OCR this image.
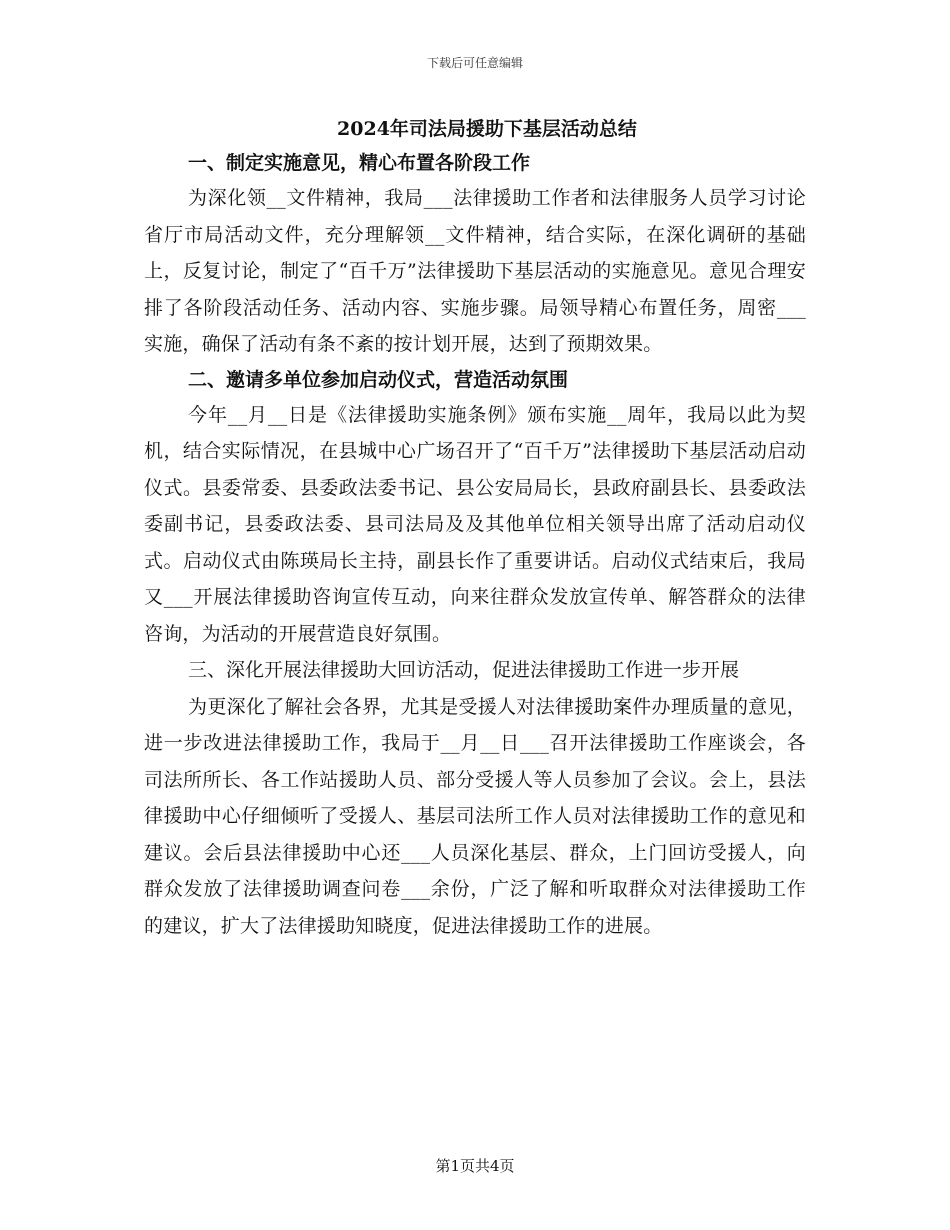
下载后可任意编辑
2024年司法局援助下基层活动总结
一、制定实施意见，精心布置各阶段工作

为深化领__文件精神，我局___法律援助工作者和法律服务人员学习讨论省厅市局活动文件，充分理解领__文件精神，结合实际，在深化调研的基础上，反复讨论，制定了“百千万”法律援助下基层活动的实施意见。意见合理安排了各阶段活动任务、活动内容、实施步骤。局领导精心布置任务，周密___实施，确保了活动有条不紊的按计划开展，达到了预期效果。

二、邀请多单位参加启动仪式，营造活动氛围

今年__月__日是《法律援助实施条例》颁布实施__周年，我局以此为契机，结合实际情况，在县城中心广场召开了“百千万”法律援助下基层活动启动仪式。县委常委、县委政法委书记、县公安局局长，县政府副县长、县委政法委副书记，县委政法委、县司法局及及其他单位相关领导出席了活动启动仪式。启动仪式由陈瑛局长主持，副县长作了重要讲话。启动仪式结束后，我局又___开展法律援助咨询宣传互动，向来往群众发放宣传单、解答群众的法律咨询，为活动的开展营造良好氛围。

三、深化开展法律援助大回访活动，促进法律援助工作进一步开展

为更深化了解社会各界，尤其是受援人对法律援助案件办理质量的意见，进一步改进法律援助工作，我局于__月__日___召开法律援助工作座谈会，各司法所所长、各工作站援助人员、部分受援人等人员参加了会议。会上，县法律援助中心仔细倾听了受援人、基层司法所工作人员对法律援助工作的意见和建议。会后县法律援助中心还___人员深化基层、群众，上门回访受援人，向群众发放了法律援助调查问卷___余份，广泛了解和听取群众对法律援助工作的建议，扩大了法律援助知晓度，促进法律援助工作的进展。

第1页共4页
